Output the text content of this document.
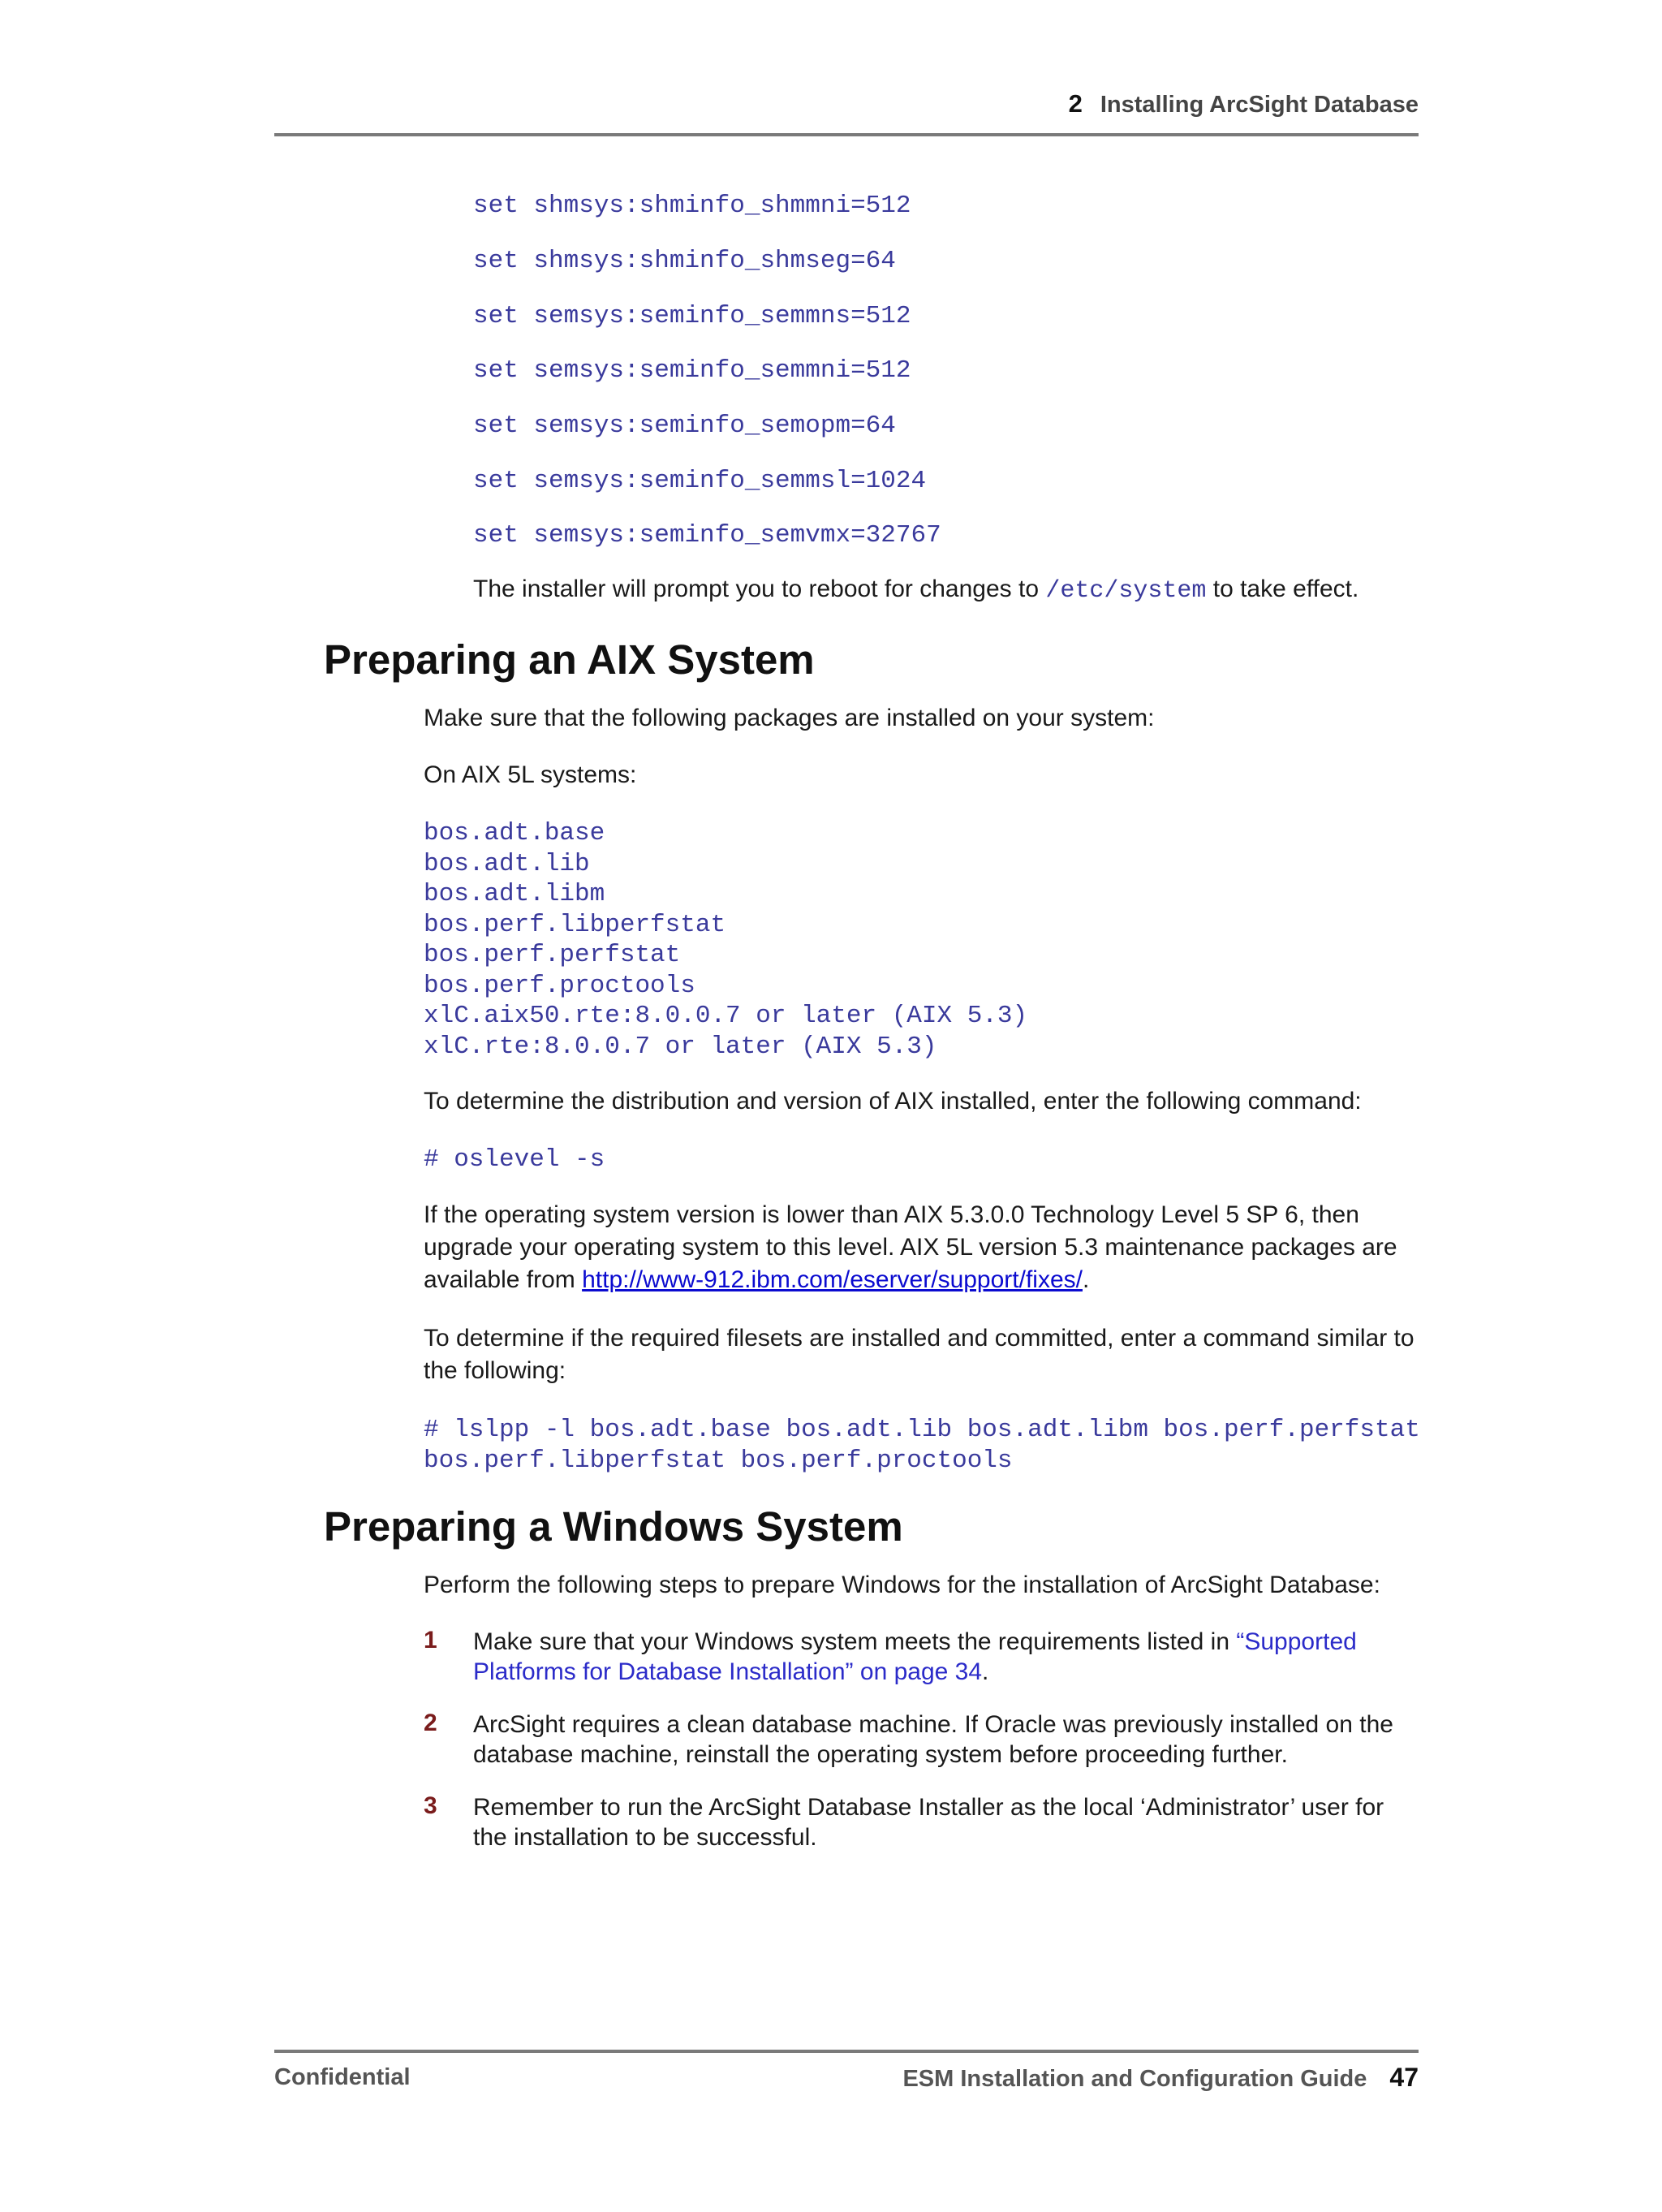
2 Installing ArcSight Database
set shmsys:shminfo_shmmni=512
set shmsys:shminfo_shmseg=64
set semsys:seminfo_semmns=512
set semsys:seminfo_semmni=512
set semsys:seminfo_semopm=64
set semsys:seminfo_semmsl=1024
set semsys:seminfo_semvmx=32767

The installer will prompt you to reboot for changes to /etc/system to take effect.

Preparing an AIX System

Make sure that the following packages are installed on your system:

On AIX 5L systems:

bos.adt.base
bos.adt.lib
bos.adt.libm
bos.perf.libperfstat
bos.perf.perfstat
bos.perf.proctools
xlC.aix50.rte:8.0.0.7 or later (AIX 5.3)
xlC.rte:8.0.0.7 or later (AIX 5.3)

To determine the distribution and version of AIX installed, enter the following command:

# oslevel -s

If the operating system version is lower than AIX 5.3.0.0 Technology Level 5 SP 6, then upgrade your operating system to this level. AIX 5L version 5.3 maintenance packages are available from http://www-912.ibm.com/eserver/support/fixes/.

To determine if the required filesets are installed and committed, enter a command similar to the following:

# lslpp -l bos.adt.base bos.adt.lib bos.adt.libm bos.perf.perfstat
bos.perf.libperfstat bos.perf.proctools
Preparing a Windows System

Perform the following steps to prepare Windows for the installation of ArcSight Database:

1 Make sure that your Windows system meets the requirements listed in “Supported Platforms for Database Installation” on page 34.
2 ArcSight requires a clean database machine. If Oracle was previously installed on the database machine, reinstall the operating system before proceeding further.
3 Remember to run the ArcSight Database Installer as the local ‘Administrator’ user for the installation to be successful.
Confidential	ESM Installation and Configuration Guide 47
